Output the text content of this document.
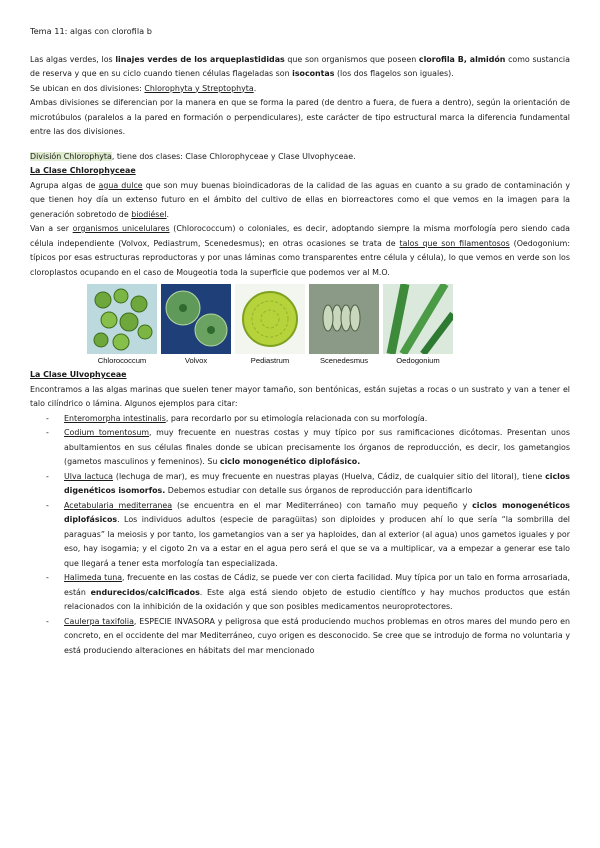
Tema 11: algas con clorofila b

Las algas verdes, los linajes verdes de los arqueplastididas que son organismos que poseen clorofila B, almidón como sustancia de reserva y que en su ciclo cuando tienen células flageladas son isocontas (los dos flagelos son iguales).

Se ubican en dos divisiones: Chlorophyta y Streptophyta.

Ambas divisiones se diferencian por la manera en que se forma la pared (de dentro a fuera, de fuera a dentro), según la orientación de microtúbulos (paralelos a la pared en formación o perpendiculares), este carácter de tipo estructural marca la diferencia fundamental entre las dos divisiones.

División Chlorophyta, tiene dos clases: Clase Chlorophyceae y Clase Ulvophyceae.

La Clase Chlorophyceae

Agrupa algas de agua dulce que son muy buenas bioindicadoras de la calidad de las aguas en cuanto a su grado de contaminación y que tienen hoy día un extenso futuro en el ámbito del cultivo de ellas en biorreactores como el que vemos en la imagen para la generación sobretodo de biodiésel.

Van a ser organismos unicelulares (Chlorococcum) o coloniales, es decir, adoptando siempre la misma morfología pero siendo cada célula independiente (Volvox, Pediastrum, Scenedesmus); en otras ocasiones se trata de talos que son filamentosos (Oedogonium: típicos por esas estructuras reproductoras y por unas láminas como transparentes entre célula y célula), lo que vemos en verde son los cloroplastos ocupando en el caso de Mougeotia toda la superficie que podemos ver al M.O.

Chlorococcum	Volvox	Pediastrum	Scenedesmus	Oedogonium

La Clase Ulvophyceae

Encontramos a las algas marinas que suelen tener mayor tamaño, son bentónicas, están sujetas a rocas o un sustrato y van a tener el talo cilíndrico o lámina. Algunos ejemplos para citar:

- Enteromorpha intestinalis, para recordarlo por su etimología relacionada con su morfología.
- Codium tomentosum, muy frecuente en nuestras costas y muy típico por sus ramificaciones dicótomas. Presentan unos abultamientos en sus células finales donde se ubican precisamente los órganos de reproducción, es decir, los gametangios (gametos masculinos y femeninos). Su ciclo monogenético diplofásico.
- Ulva lactuca (lechuga de mar), es muy frecuente en nuestras playas (Huelva, Cádiz, de cualquier sitio del litoral), tiene ciclos digenéticos isomorfos. Debemos estudiar con detalle sus órganos de reproducción para identificarlo
- Acetabularia mediterranea (se encuentra en el mar Mediterráneo) con tamaño muy pequeño y ciclos monogenéticos diplofásicos. Los individuos adultos (especie de paragüitas) son diploides y producen ahí lo que sería “la sombrilla del paraguas” la meiosis y por tanto, los gametangios van a ser ya haploides, dan al exterior (al agua) unos gametos iguales y por eso, hay isogamia; y el cigoto 2n va a estar en el agua pero será el que se va a multiplicar, va a empezar a generar ese talo que llegará a tener esta morfología tan especializada.
- Halimeda tuna, frecuente en las costas de Cádiz, se puede ver con cierta facilidad. Muy típica por un talo en forma arrosariada, están endurecidos/calcificados. Este alga está siendo objeto de estudio científico y hay muchos productos que están relacionados con la inhibición de la oxidación y que son posibles medicamentos neuroprotectores.
- Caulerpa taxifolia, ESPECIE INVASORA y peligrosa que está produciendo muchos problemas en otros mares del mundo pero en concreto, en el occidente del mar Mediterráneo, cuyo origen es desconocido. Se cree que se introdujo de forma no voluntaria y está produciendo alteraciones en hábitats del mar mencionado
